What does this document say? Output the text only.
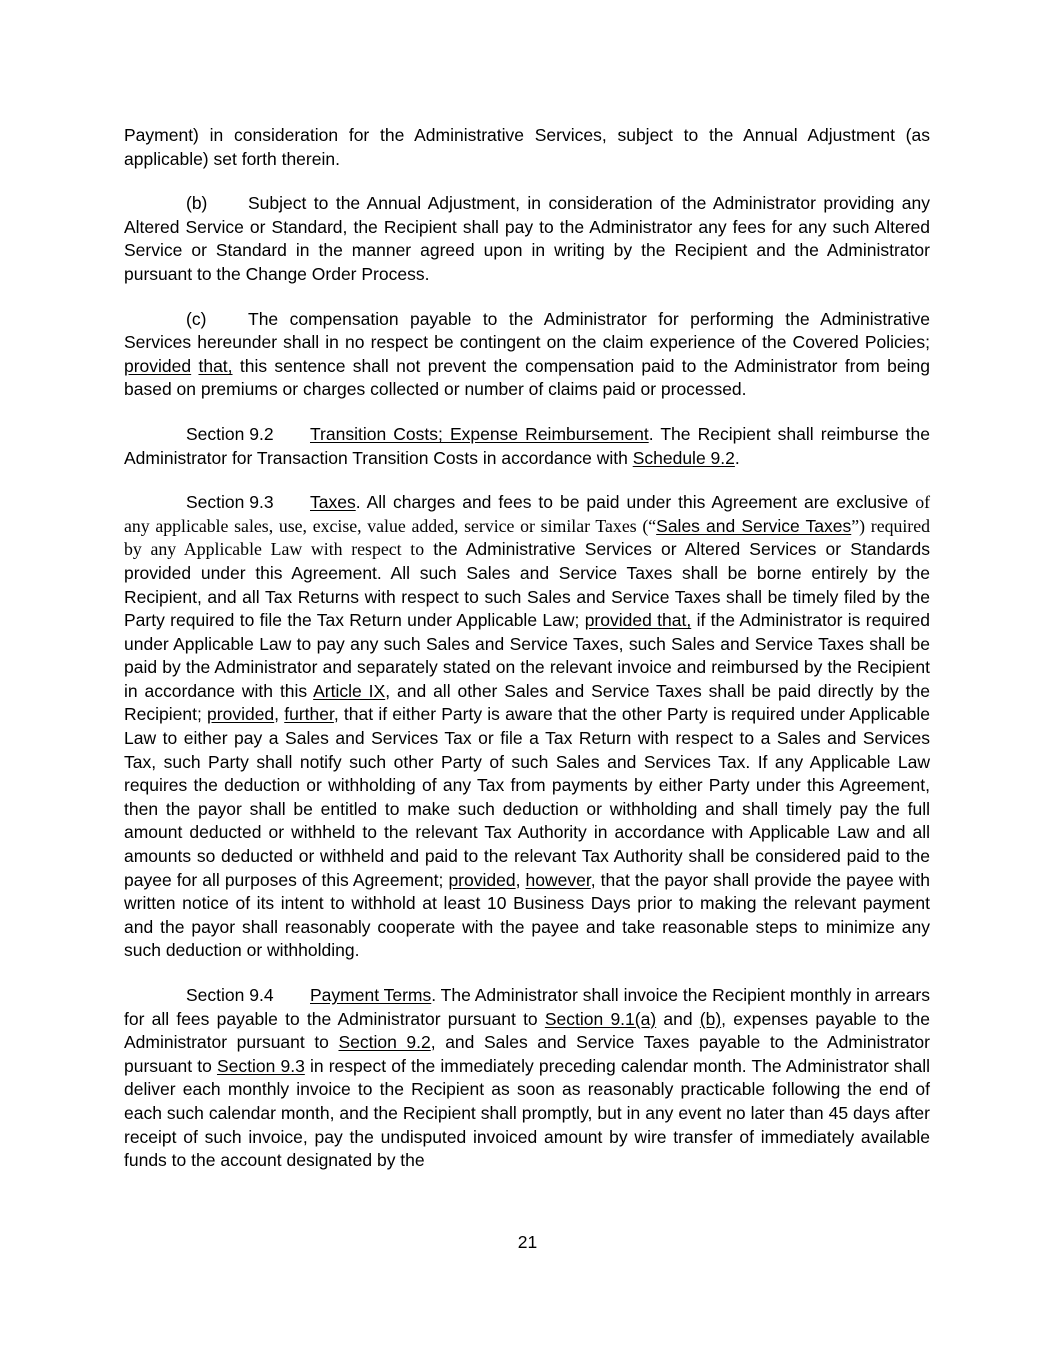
Payment) in consideration for the Administrative Services, subject to the Annual Adjustment (as applicable) set forth therein.

(b) Subject to the Annual Adjustment, in consideration of the Administrator providing any Altered Service or Standard, the Recipient shall pay to the Administrator any fees for any such Altered Service or Standard in the manner agreed upon in writing by the Recipient and the Administrator pursuant to the Change Order Process.

(c) The compensation payable to the Administrator for performing the Administrative Services hereunder shall in no respect be contingent on the claim experience of the Covered Policies; provided that, this sentence shall not prevent the compensation paid to the Administrator from being based on premiums or charges collected or number of claims paid or processed.

Section 9.2 Transition Costs; Expense Reimbursement. The Recipient shall reimburse the Administrator for Transaction Transition Costs in accordance with Schedule 9.2.

Section 9.3 Taxes. All charges and fees to be paid under this Agreement are exclusive of any applicable sales, use, excise, value added, service or similar Taxes (“Sales and Service Taxes”) required by any Applicable Law with respect to the Administrative Services or Altered Services or Standards provided under this Agreement. All such Sales and Service Taxes shall be borne entirely by the Recipient, and all Tax Returns with respect to such Sales and Service Taxes shall be timely filed by the Party required to file the Tax Return under Applicable Law; provided that, if the Administrator is required under Applicable Law to pay any such Sales and Service Taxes, such Sales and Service Taxes shall be paid by the Administrator and separately stated on the relevant invoice and reimbursed by the Recipient in accordance with this Article IX, and all other Sales and Service Taxes shall be paid directly by the Recipient; provided, further, that if either Party is aware that the other Party is required under Applicable Law to either pay a Sales and Services Tax or file a Tax Return with respect to a Sales and Services Tax, such Party shall notify such other Party of such Sales and Services Tax. If any Applicable Law requires the deduction or withholding of any Tax from payments by either Party under this Agreement, then the payor shall be entitled to make such deduction or withholding and shall timely pay the full amount deducted or withheld to the relevant Tax Authority in accordance with Applicable Law and all amounts so deducted or withheld and paid to the relevant Tax Authority shall be considered paid to the payee for all purposes of this Agreement; provided, however, that the payor shall provide the payee with written notice of its intent to withhold at least 10 Business Days prior to making the relevant payment and the payor shall reasonably cooperate with the payee and take reasonable steps to minimize any such deduction or withholding.

Section 9.4 Payment Terms. The Administrator shall invoice the Recipient monthly in arrears for all fees payable to the Administrator pursuant to Section 9.1(a) and (b), expenses payable to the Administrator pursuant to Section 9.2, and Sales and Service Taxes payable to the Administrator pursuant to Section 9.3 in respect of the immediately preceding calendar month. The Administrator shall deliver each monthly invoice to the Recipient as soon as reasonably practicable following the end of each such calendar month, and the Recipient shall promptly, but in any event no later than 45 days after receipt of such invoice, pay the undisputed invoiced amount by wire transfer of immediately available funds to the account designated by the

21
